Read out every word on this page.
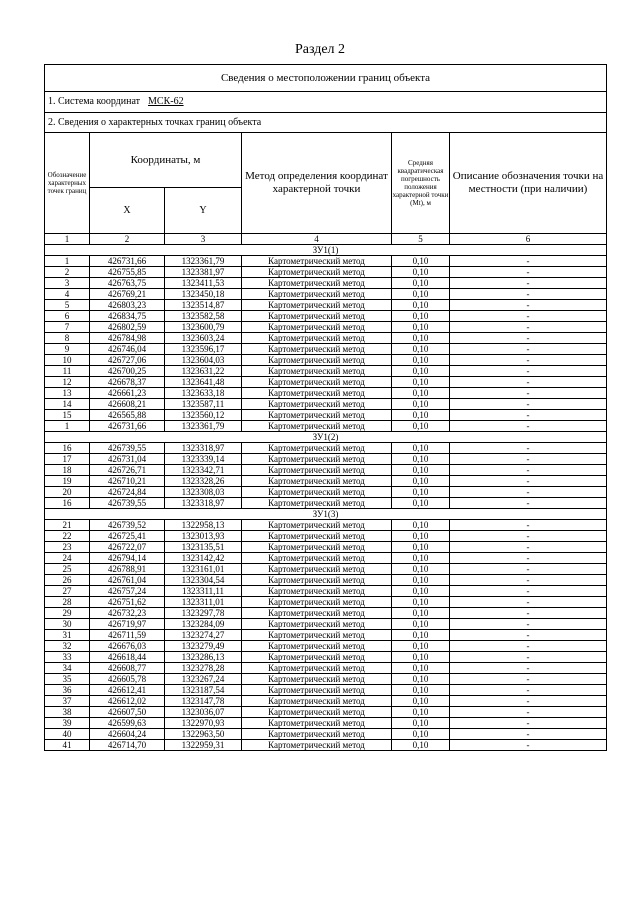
Раздел 2
Сведения о местоположении границ объекта					
1. Система координат МСК-62					
2. Сведения о характерных точках границ объекта					
Обозначение характерных точек границ	Координаты, м		Метод определения координат характерной точки	Средняя квадратическая погрешность положения характерной точки (Mt), м	Описание обозначения точки на местности (при наличии)
	X	Y			
1	2	3	4	5	6
ЗУ1(1)					
1	426731,66	1323361,79	Картометрический метод	0,10	-
2	426755,85	1323381,97	Картометрический метод	0,10	-
3	426763,75	1323411,53	Картометрический метод	0,10	-
4	426769,21	1323450,18	Картометрический метод	0,10	-
5	426803,23	1323514,87	Картометрический метод	0,10	-
6	426834,75	1323582,58	Картометрический метод	0,10	-
7	426802,59	1323600,79	Картометрический метод	0,10	-
8	426784,98	1323603,24	Картометрический метод	0,10	-
9	426746,04	1323596,17	Картометрический метод	0,10	-
10	426727,06	1323604,03	Картометрический метод	0,10	-
11	426700,25	1323631,22	Картометрический метод	0,10	-
12	426678,37	1323641,48	Картометрический метод	0,10	-
13	426661,23	1323633,18	Картометрический метод	0,10	-
14	426608,21	1323587,11	Картометрический метод	0,10	-
15	426565,88	1323560,12	Картометрический метод	0,10	-
1	426731,66	1323361,79	Картометрический метод	0,10	-
ЗУ1(2)					
16	426739,55	1323318,97	Картометрический метод	0,10	-
17	426731,04	1323339,14	Картометрический метод	0,10	-
18	426726,71	1323342,71	Картометрический метод	0,10	-
19	426710,21	1323328,26	Картометрический метод	0,10	-
20	426724,84	1323308,03	Картометрический метод	0,10	-
16	426739,55	1323318,97	Картометрический метод	0,10	-
ЗУ1(3)					
21	426739,52	1322958,13	Картометрический метод	0,10	-
22	426725,41	1323013,93	Картометрический метод	0,10	-
23	426722,07	1323135,51	Картометрический метод	0,10	-
24	426794,14	1323142,42	Картометрический метод	0,10	-
25	426788,91	1323161,01	Картометрический метод	0,10	-
26	426761,04	1323304,54	Картометрический метод	0,10	-
27	426757,24	1323311,11	Картометрический метод	0,10	-
28	426751,62	1323311,01	Картометрический метод	0,10	-
29	426732,23	1323297,78	Картометрический метод	0,10	-
30	426719,97	1323284,09	Картометрический метод	0,10	-
31	426711,59	1323274,27	Картометрический метод	0,10	-
32	426676,03	1323279,49	Картометрический метод	0,10	-
33	426618,44	1323286,13	Картометрический метод	0,10	-
34	426608,77	1323278,28	Картометрический метод	0,10	-
35	426605,78	1323267,24	Картометрический метод	0,10	-
36	426612,41	1323187,54	Картометрический метод	0,10	-
37	426612,02	1323147,78	Картометрический метод	0,10	-
38	426607,50	1323036,07	Картометрический метод	0,10	-
39	426599,63	1322970,93	Картометрический метод	0,10	-
40	426604,24	1322963,50	Картометрический метод	0,10	-
41	426714,70	1322959,31	Картометрический метод	0,10	-
